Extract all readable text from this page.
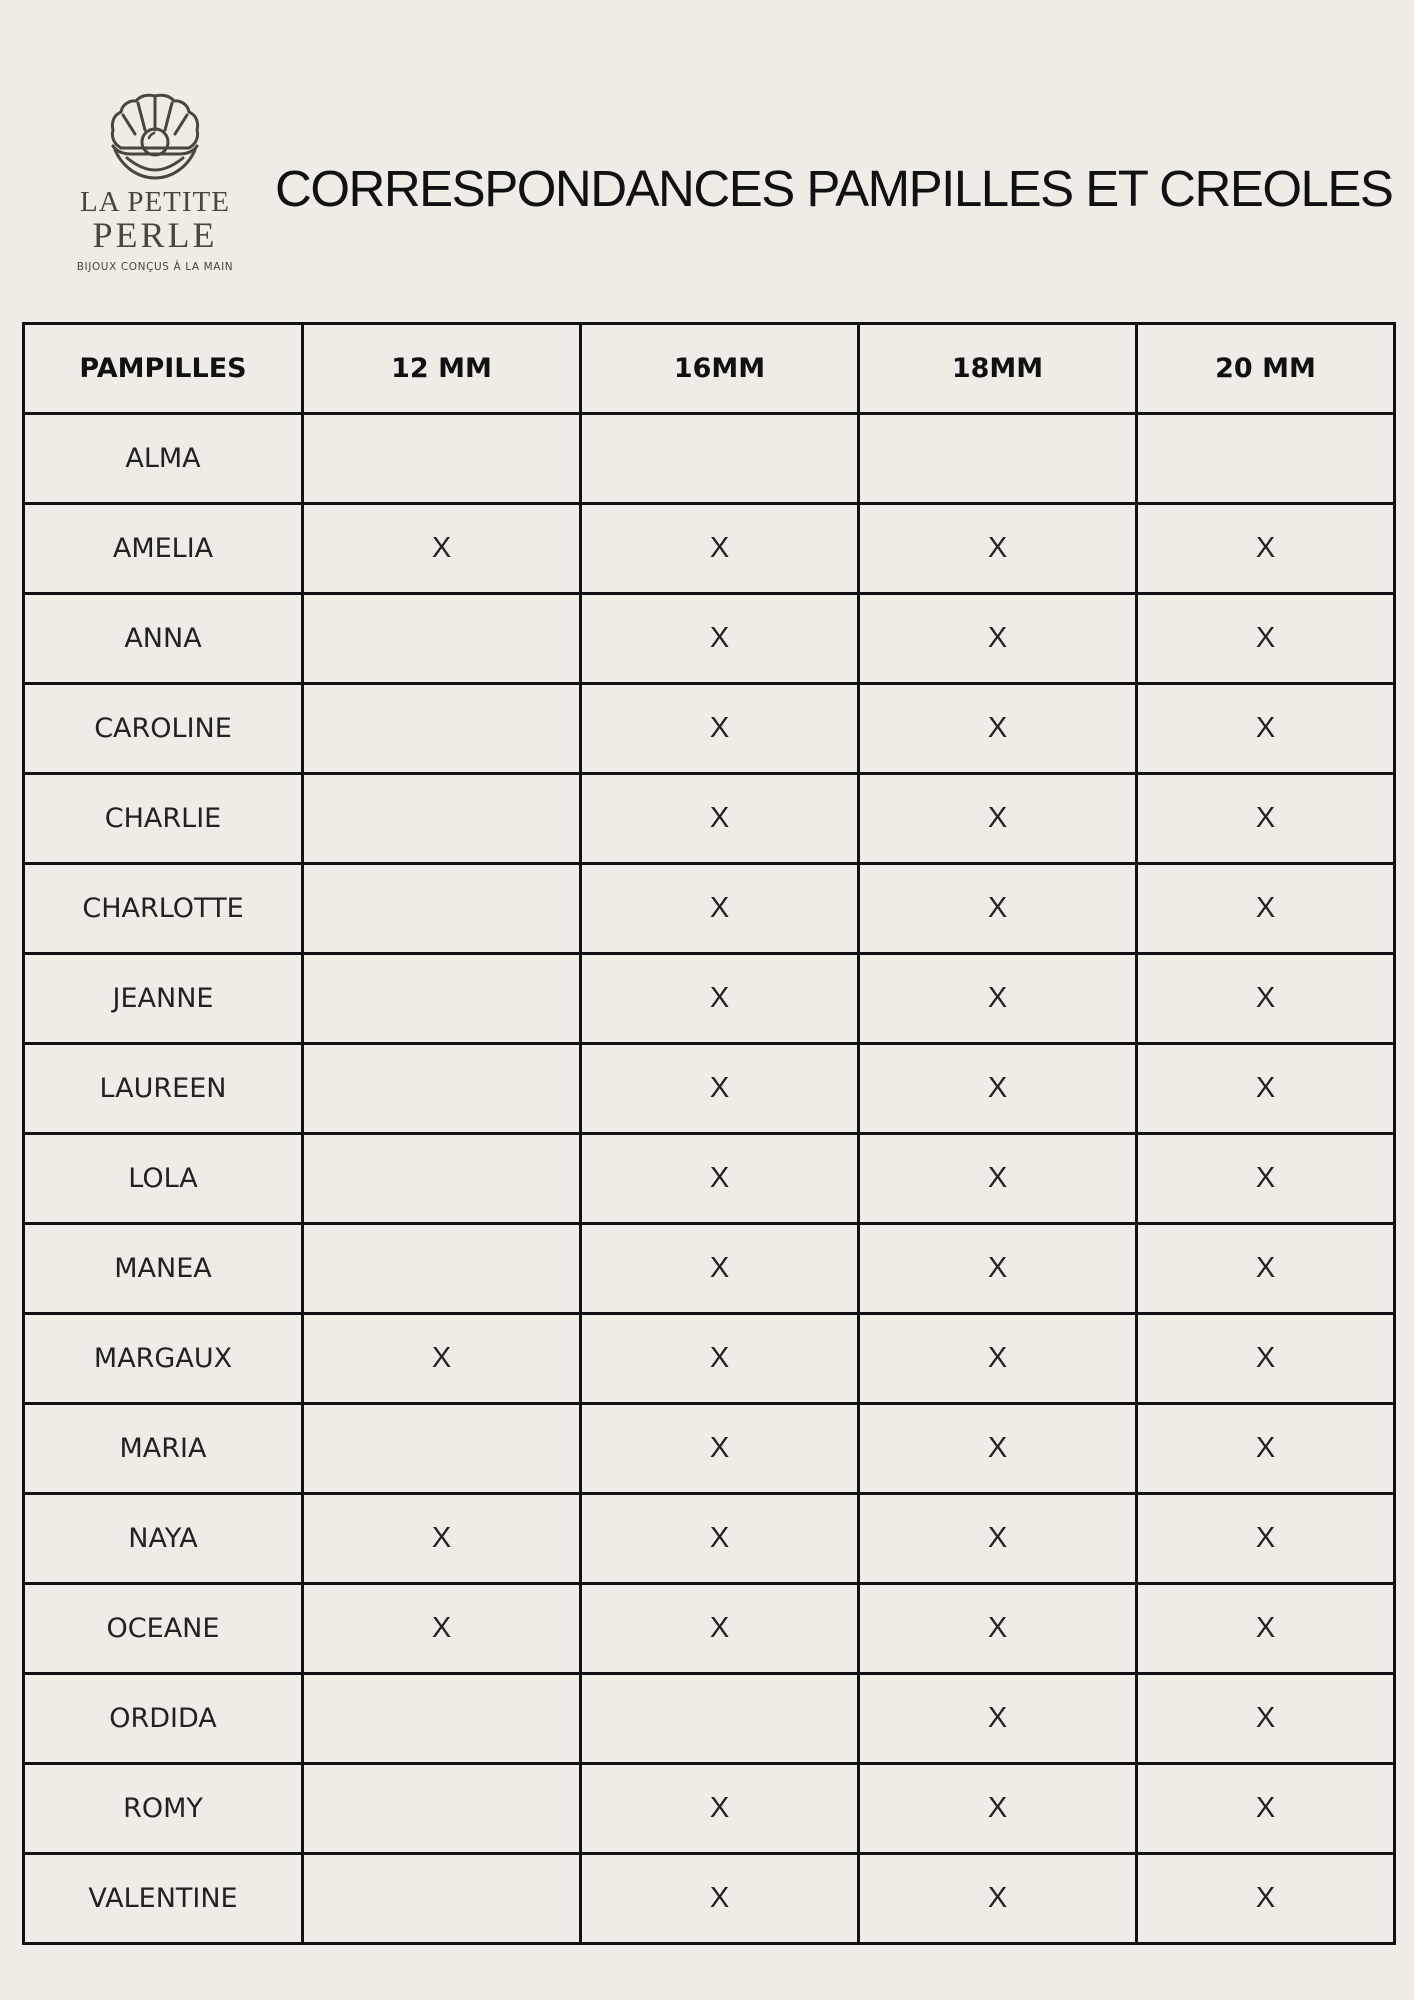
LA PETITE
PERLE
BIJOUX CONÇUS À LA MAIN
CORRESPONDANCES PAMPILLES ET CREOLES
PAMPILLES	12 MM	16MM	18MM	20 MM
ALMA				
AMELIA	X	X	X	X
ANNA		X	X	X
CAROLINE		X	X	X
CHARLIE		X	X	X
CHARLOTTE		X	X	X
JEANNE		X	X	X
LAUREEN		X	X	X
LOLA		X	X	X
MANEA		X	X	X
MARGAUX	X	X	X	X
MARIA		X	X	X
NAYA	X	X	X	X
OCEANE	X	X	X	X
ORDIDA			X	X
ROMY		X	X	X
VALENTINE		X	X	X
